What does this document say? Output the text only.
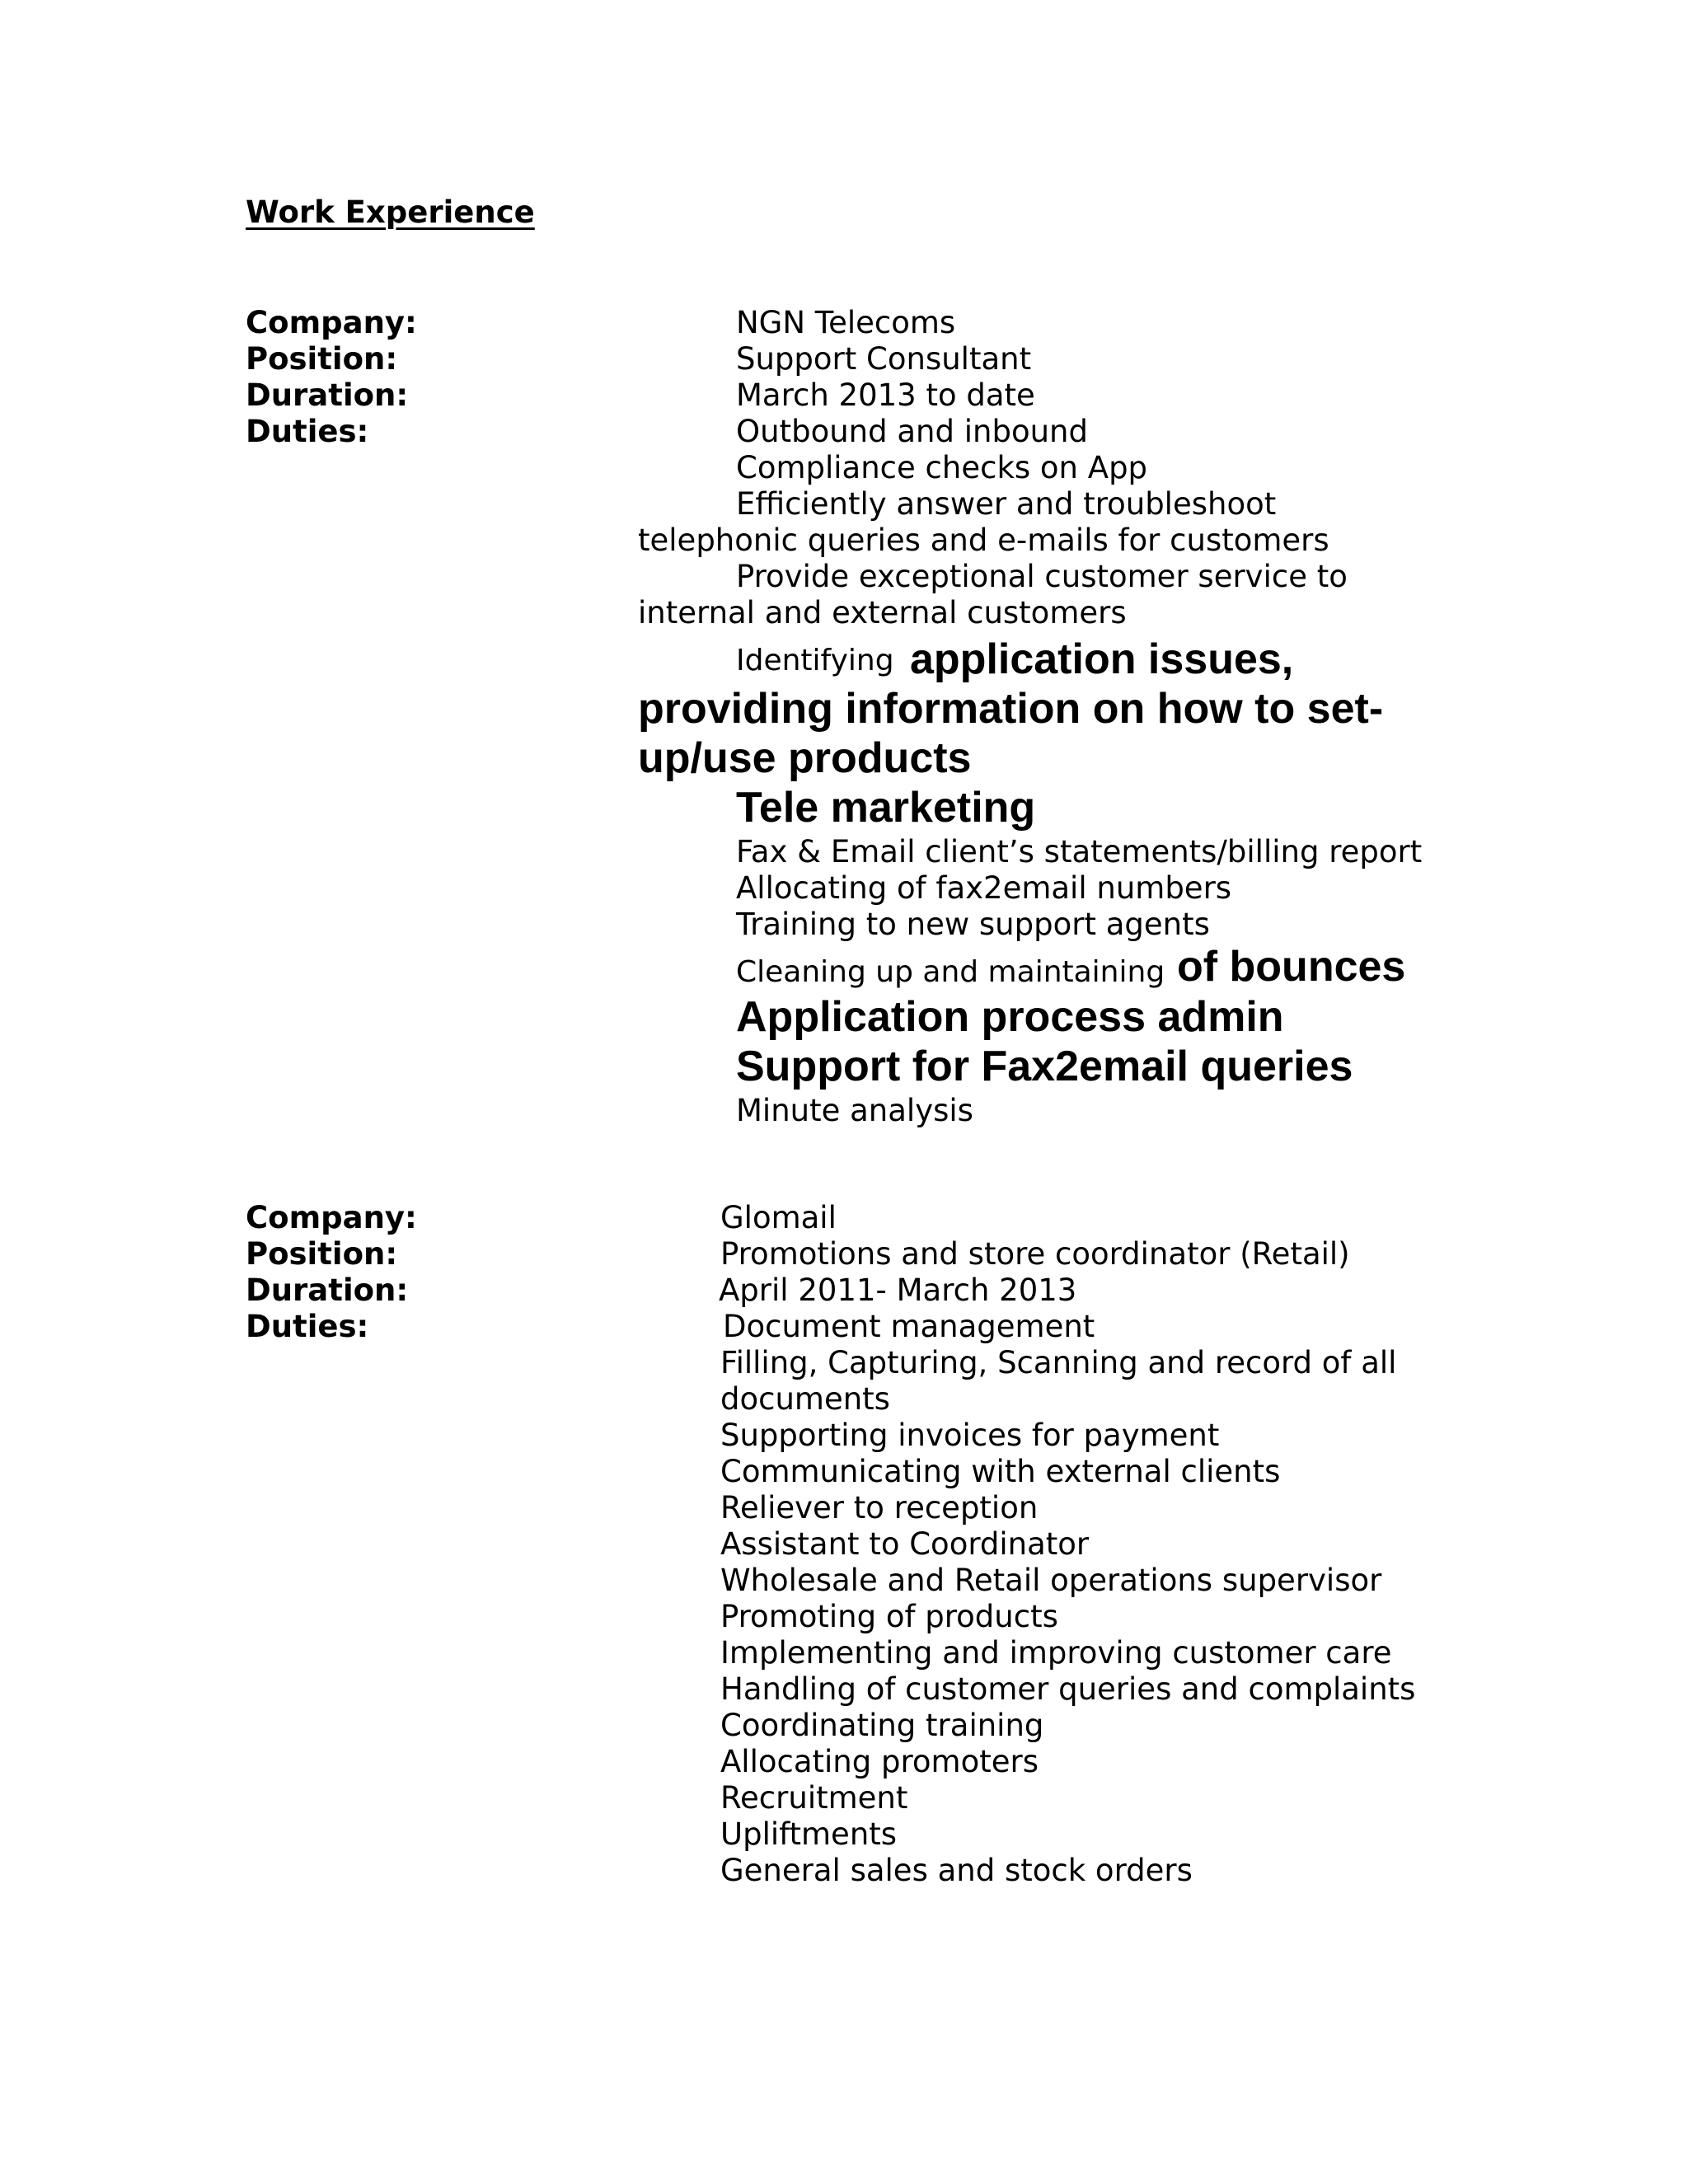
Work Experience

Company:

Position:

Duration:

Duties:

NGN Telecoms

Support Consultant

March 2013 to date

Outbound and inbound

Compliance checks on App

Efficiently answer and troubleshoot

telephonic queries and e-mails for customers

Provide exceptional customer service to

internal and external customers

Identifying application issues,

providing information on how to set-

up/use products

Tele marketing

Fax & Email client’s statements/billing report

Allocating of fax2email numbers

Training to new support agents

Cleaning up and maintaining of bounces

Application process admin

Support for Fax2email queries

Minute analysis

Company:

Position:

Duration:

Duties:

Glomail

Promotions and store coordinator (Retail)

April 2011- March 2013

Document management

Filling, Capturing, Scanning and record of all

documents

Supporting invoices for payment

Communicating with external clients

Reliever to reception

Assistant to Coordinator

Wholesale and Retail operations supervisor

Promoting of products

Implementing and improving customer care

Handling of customer queries and complaints

Coordinating training

Allocating promoters

Recruitment

Upliftments

General sales and stock orders
